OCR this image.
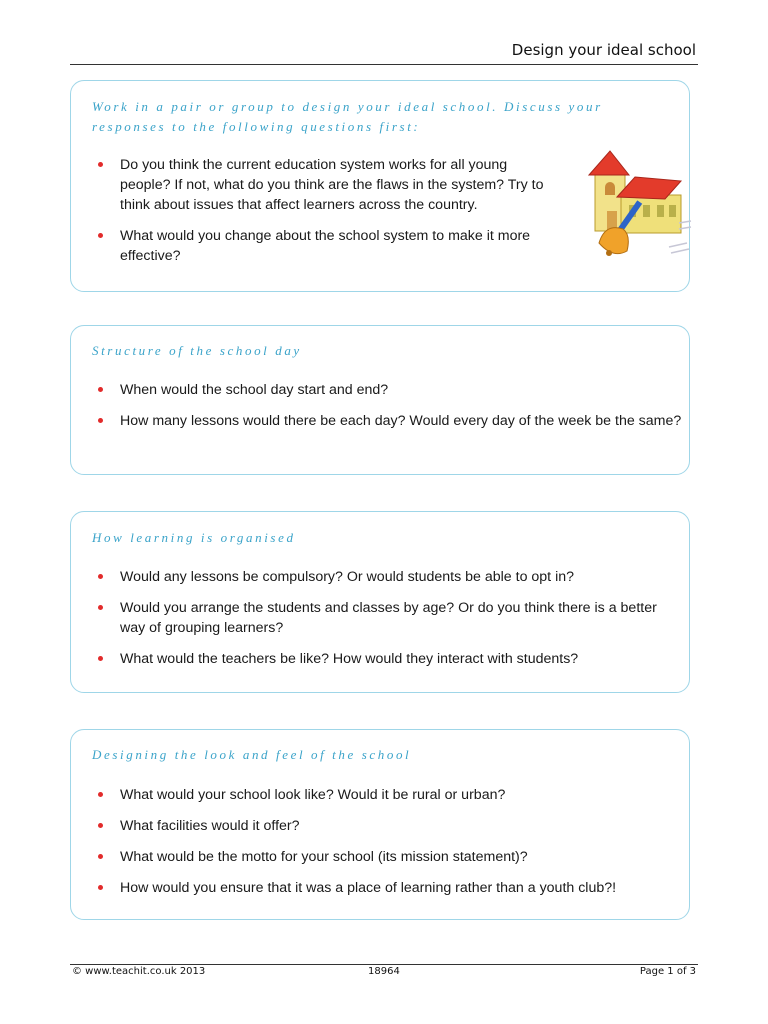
Design your ideal school

Work in a pair or group to design your ideal school. Discuss your

responses to the following questions first:

Do you think the current education system works for all young people? If not, what do you think are the flaws in the system? Try to think about issues that affect learners across the country.
What would you change about the school system to make it more effective?

Structure of the school day

When would the school day start and end?
How many lessons would there be each day? Would every day of the week be the same?

How learning is organised

Would any lessons be compulsory? Or would students be able to opt in?
Would you arrange the students and classes by age? Or do you think there is a better way of grouping learners?
What would the teachers be like? How would they interact with students?

Designing the look and feel of the school

What would your school look like? Would it be rural or urban?
What facilities would it offer?
What would be the motto for your school (its mission statement)?
How would you ensure that it was a place of learning rather than a youth club?!
© www.teachit.co.uk 2013	18964	Page 1 of 3
